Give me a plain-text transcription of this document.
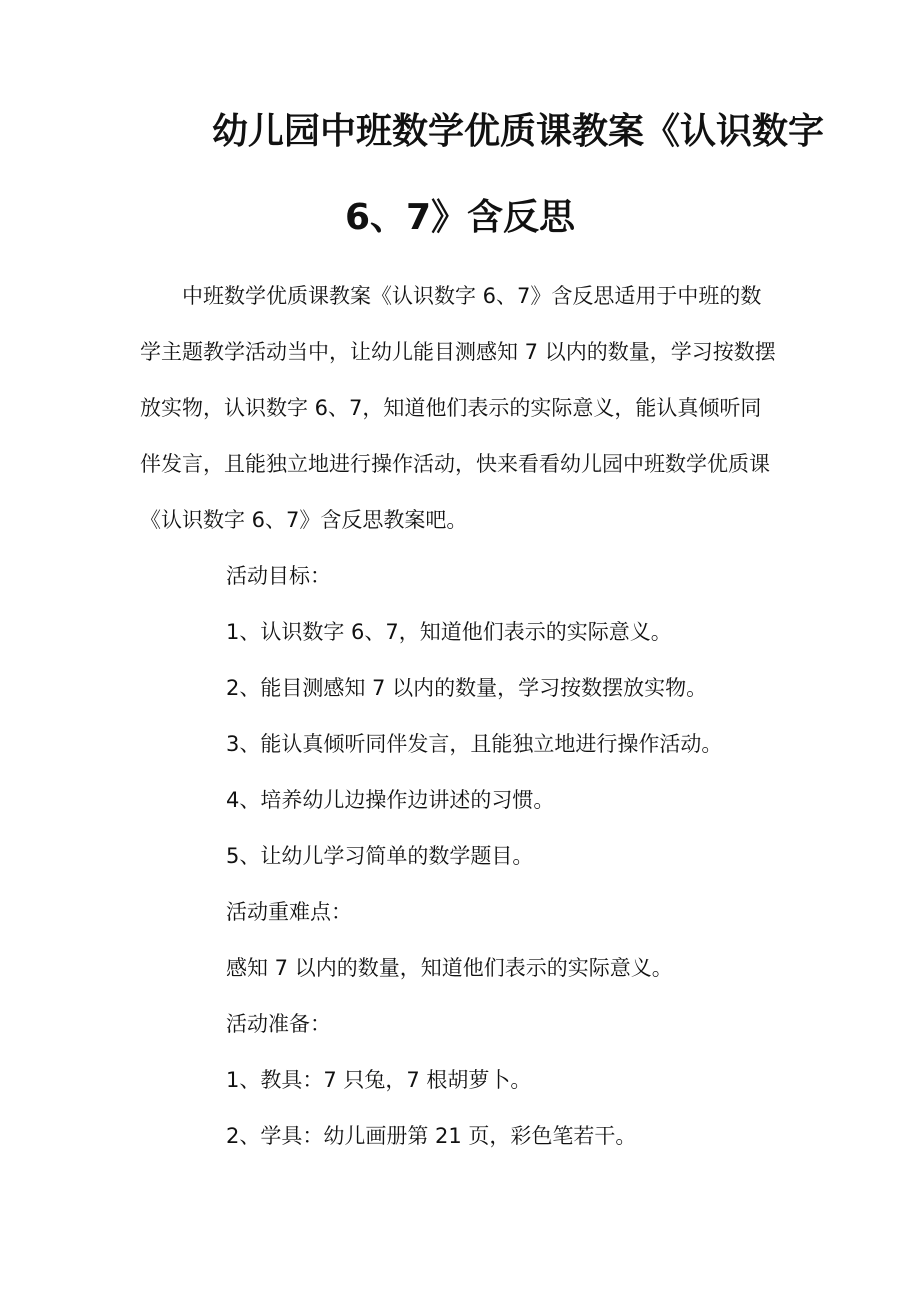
幼儿园中班数学优质课教案《认识数字
6、7》含反思
中班数学优质课教案《认识数字 6、7》含反思适用于中班的数
学主题教学活动当中，让幼儿能目测感知 7 以内的数量，学习按数摆
放实物，认识数字 6、7，知道他们表示的实际意义，能认真倾听同
伴发言，且能独立地进行操作活动，快来看看幼儿园中班数学优质课
《认识数字 6、7》含反思教案吧。
活动目标：
1、认识数字 6、7，知道他们表示的实际意义。
2、能目测感知 7 以内的数量，学习按数摆放实物。
3、能认真倾听同伴发言，且能独立地进行操作活动。
4、培养幼儿边操作边讲述的习惯。
5、让幼儿学习简单的数学题目。
活动重难点：
感知 7 以内的数量，知道他们表示的实际意义。
活动准备：
1、教具：7 只兔，7 根胡萝卜。
2、学具：幼儿画册第 21 页，彩色笔若干。
